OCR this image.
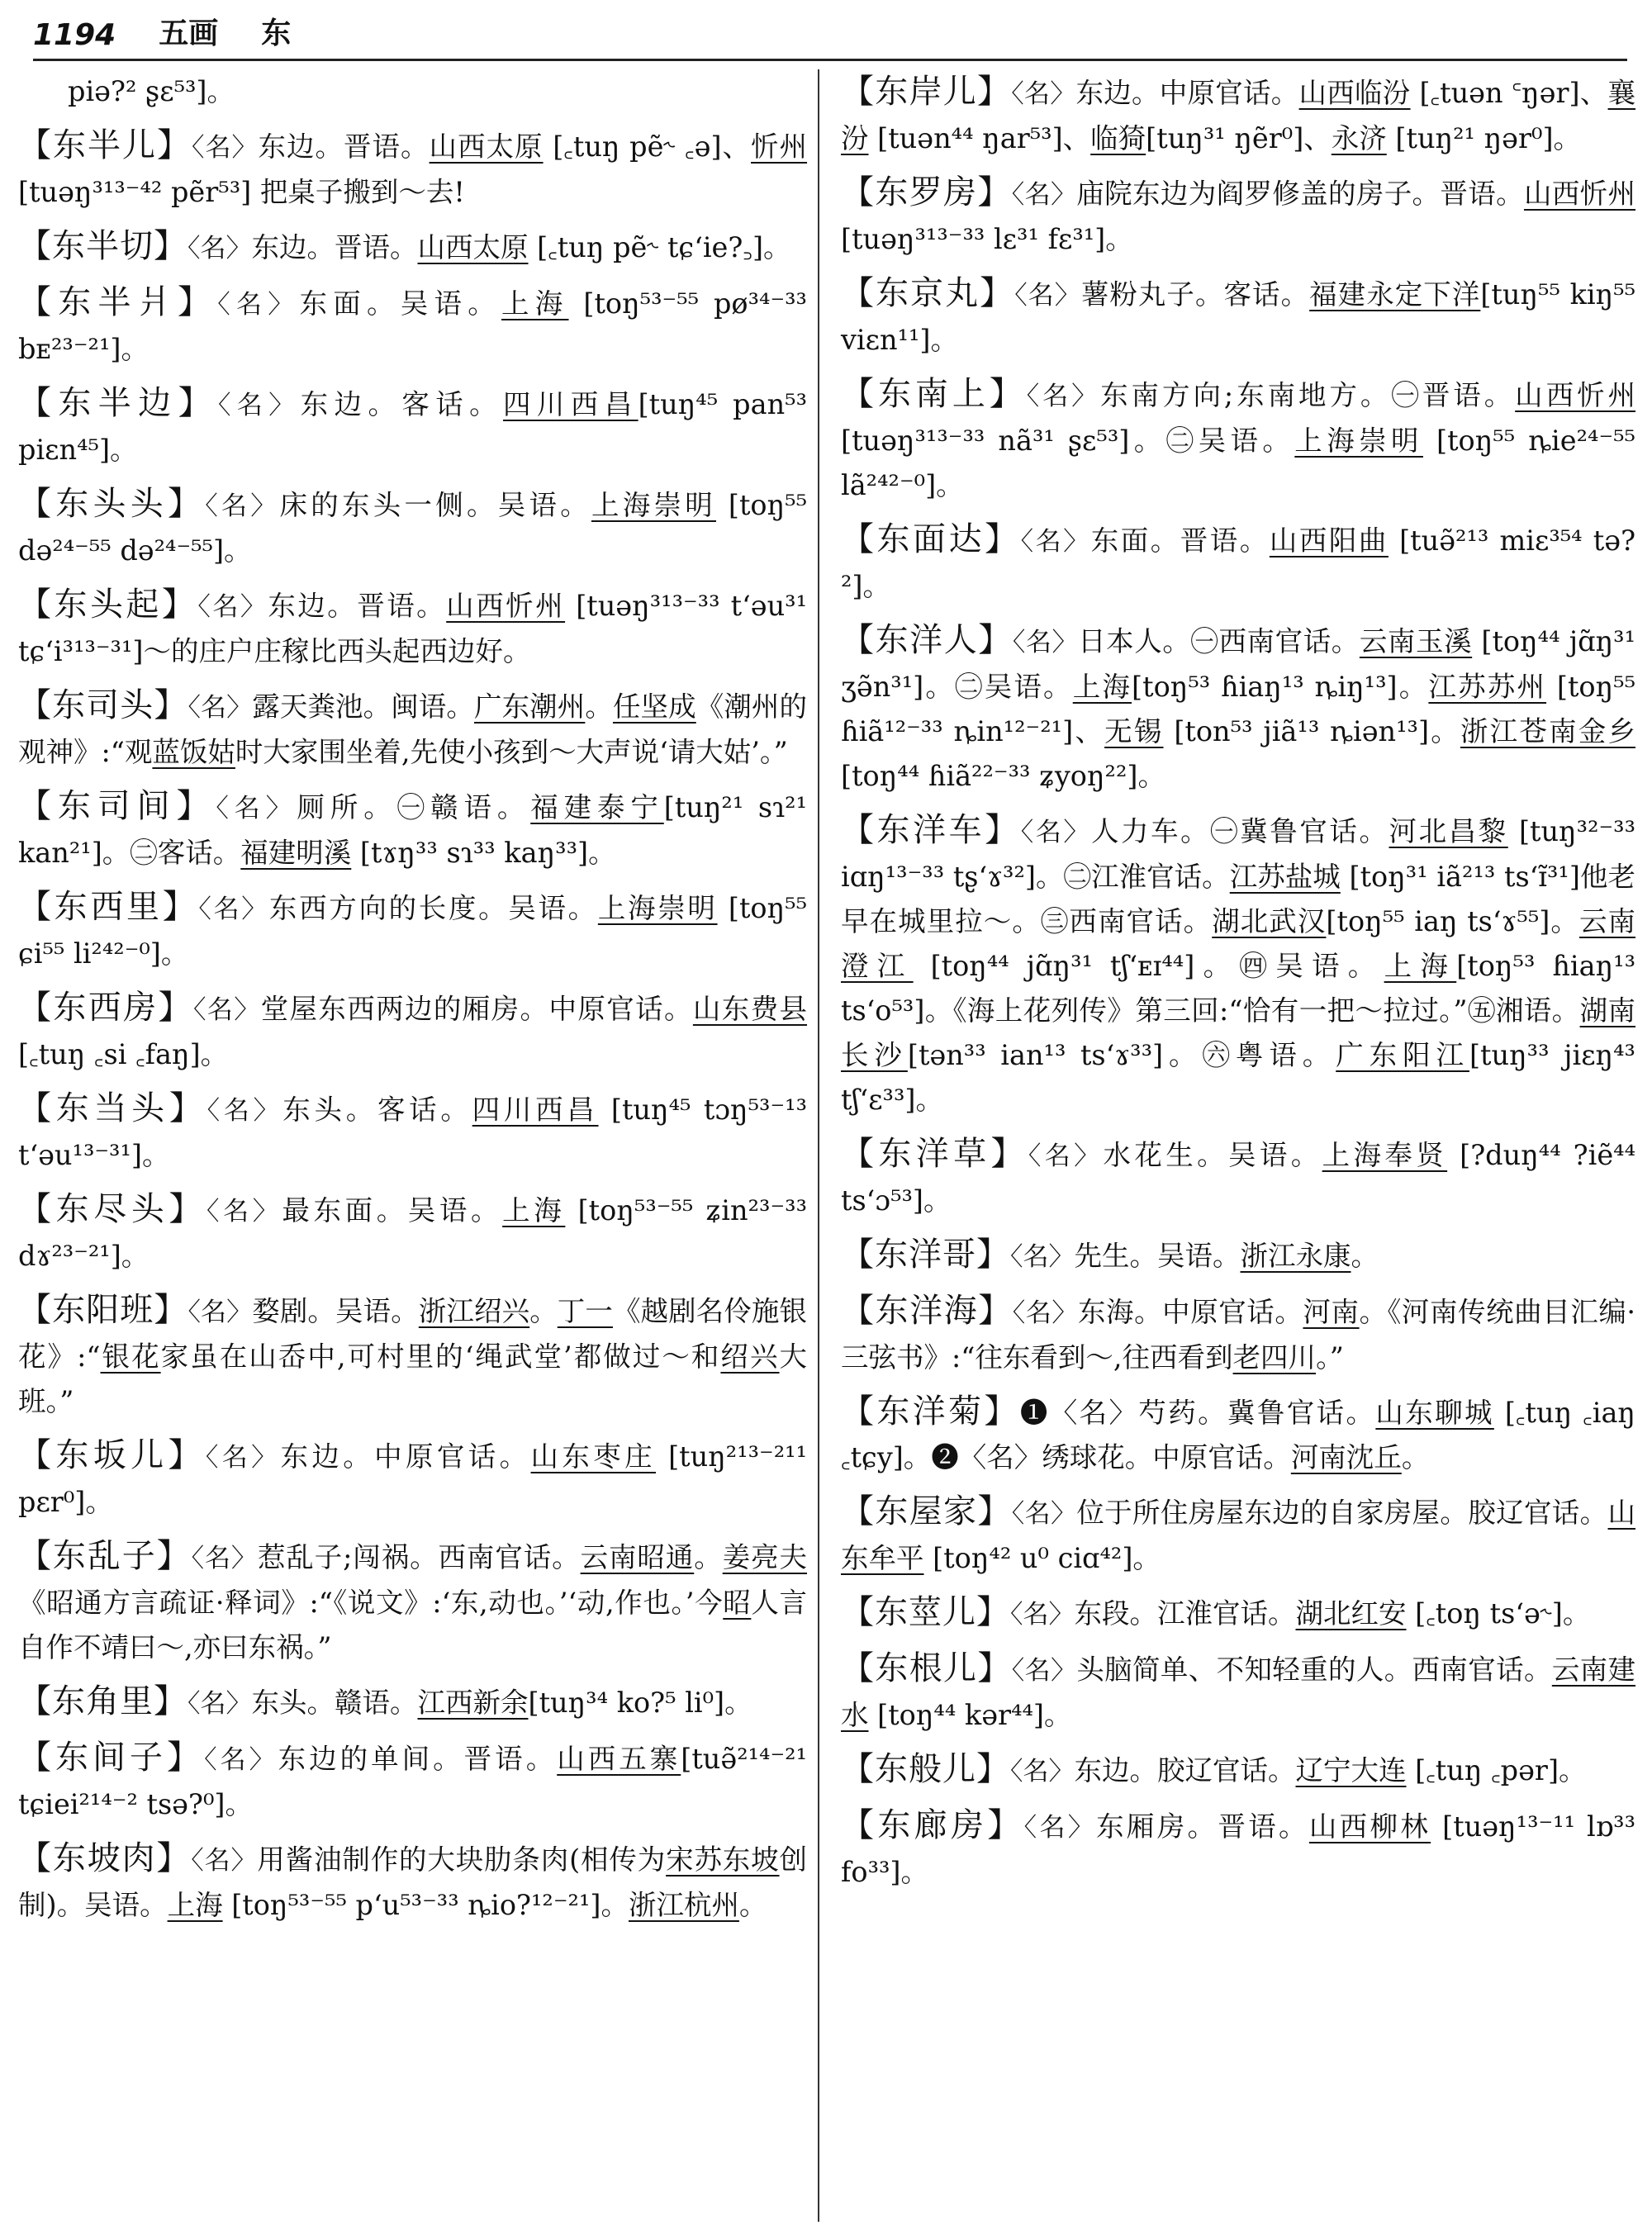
1194 五画 东

piə?² ʂɛ⁵³]。

【东半儿】〈名〉东边。晋语。山西太原 [꜀tuŋ pẽ˞ ꜀ə]、忻州 [tuəŋ³¹³⁻⁴² pẽr⁵³] 把桌子搬到～去!

【东半切】〈名〉东边。晋语。山西太原 [꜀tuŋ pẽ˞ tɕ‘ie?꜆]。

【东半爿】〈名〉东面。吴语。上海 [toŋ⁵³⁻⁵⁵ pø³⁴⁻³³ bᴇ²³⁻²¹]。

【东半边】〈名〉东边。客话。四川西昌[tuŋ⁴⁵ pan⁵³ piɛn⁴⁵]。

【东头头】〈名〉床的东头一侧。吴语。上海崇明 [toŋ⁵⁵ də²⁴⁻⁵⁵ də²⁴⁻⁵⁵]。

【东头起】〈名〉东边。晋语。山西忻州 [tuəŋ³¹³⁻³³ t‘əu³¹ tɕ‘i³¹³⁻³¹]～的庄户庄稼比西头起西边好。

【东司头】〈名〉露天粪池。闽语。广东潮州。任坚成《潮州的观神》:“观蓝饭姑时大家围坐着,先使小孩到～大声说‘请大姑’。”

【东司间】〈名〉厕所。㊀赣语。福建泰宁[tuŋ²¹ sɿ²¹ kan²¹]。㊁客话。福建明溪 [tɤŋ³³ sɿ³³ kaŋ³³]。

【东西里】〈名〉东西方向的长度。吴语。上海崇明 [toŋ⁵⁵ ɕi⁵⁵ li²⁴²⁻⁰]。

【东西房】〈名〉堂屋东西两边的厢房。中原官话。山东费县 [꜀tuŋ ꜀si ꜀faŋ]。

【东当头】〈名〉东头。客话。四川西昌 [tuŋ⁴⁵ tɔŋ⁵³⁻¹³ t‘əu¹³⁻³¹]。

【东尽头】〈名〉最东面。吴语。上海 [toŋ⁵³⁻⁵⁵ ʑin²³⁻³³ dɤ²³⁻²¹]。

【东阳班】〈名〉婺剧。吴语。浙江绍兴。丁一《越剧名伶施银花》:“银花家虽在山岙中,可村里的‘绳武堂’都做过～和绍兴大班。”

【东坂儿】〈名〉东边。中原官话。山东枣庄 [tuŋ²¹³⁻²¹¹ pɛr⁰]。

【东乱子】〈名〉惹乱子;闯祸。西南官话。云南昭通。姜亮夫《昭通方言疏证·释词》:“《说文》:‘东,动也。’‘动,作也。’今昭人言自作不靖曰～,亦曰东祸。”

【东角里】〈名〉东头。赣语。江西新余[tuŋ³⁴ ko?⁵ li⁰]。

【东间子】〈名〉东边的单间。晋语。山西五寨[tuə̃²¹⁴⁻²¹ tɕiei²¹⁴⁻² tsə?⁰]。

【东坡肉】〈名〉用酱油制作的大块肋条肉(相传为宋苏东坡创制)。吴语。上海 [toŋ⁵³⁻⁵⁵ p‘u⁵³⁻³³ ȵio?¹²⁻²¹]。浙江杭州。

【东岸儿】〈名〉东边。中原官话。山西临汾 [꜀tuən ꜂ŋər]、襄汾 [tuən⁴⁴ ŋar⁵³]、临猗[tuŋ³¹ ŋẽr⁰]、永济 [tuŋ²¹ ŋər⁰]。

【东罗房】〈名〉庙院东边为阎罗修盖的房子。晋语。山西忻州 [tuəŋ³¹³⁻³³ lɛ³¹ fɛ³¹]。

【东京丸】〈名〉薯粉丸子。客话。福建永定下洋[tuŋ⁵⁵ kiŋ⁵⁵ viɛn¹¹]。

【东南上】〈名〉东南方向;东南地方。㊀晋语。山西忻州[tuəŋ³¹³⁻³³ nã³¹ ʂɛ⁵³]。㊁吴语。上海崇明 [toŋ⁵⁵ ȵie²⁴⁻⁵⁵ lã²⁴²⁻⁰]。

【东面达】〈名〉东面。晋语。山西阳曲 [tuə̃²¹³ miɛ³⁵⁴ tə?²]。

【东洋人】〈名〉日本人。㊀西南官话。云南玉溪 [toŋ⁴⁴ jɑ̃ŋ³¹ ʒə̃n³¹]。㊁吴语。上海[toŋ⁵³ ɦiaŋ¹³ ȵiŋ¹³]。江苏苏州 [toŋ⁵⁵ ɦiã¹²⁻³³ ȵin¹²⁻²¹]、无锡 [ton⁵³ jiã¹³ ȵiən¹³]。浙江苍南金乡 [toŋ⁴⁴ ɦiã²²⁻³³ ʑyoŋ²²]。

【东洋车】〈名〉人力车。㊀冀鲁官话。河北昌黎 [tuŋ³²⁻³³ iɑŋ¹³⁻³³ tʂ‘ɤ³²]。㊁江淮官话。江苏盐城 [toŋ³¹ iã²¹³ ts‘ɪ̃³¹]他老早在城里拉～。㊂西南官话。湖北武汉[toŋ⁵⁵ iaŋ ts‘ɤ⁵⁵]。云南澄江 [toŋ⁴⁴ jɑ̃ŋ³¹ tʃ‘ᴇɪ⁴⁴]。㊃吴语。上海[toŋ⁵³ ɦiaŋ¹³ ts‘o⁵³]。《海上花列传》第三回:“恰有一把～拉过。”㊄湘语。湖南长沙[tən³³ ian¹³ ts‘ɤ³³]。㊅粤语。广东阳江[tuŋ³³ jiɛŋ⁴³ tʃ‘ɛ³³]。

【东洋草】〈名〉水花生。吴语。上海奉贤 [?duŋ⁴⁴ ?iẽ⁴⁴ ts‘ɔ⁵³]。

【东洋哥】〈名〉先生。吴语。浙江永康。

【东洋海】〈名〉东海。中原官话。河南。《河南传统曲目汇编·三弦书》:“往东看到～,往西看到老四川。”

【东洋菊】❶〈名〉芍药。冀鲁官话。山东聊城 [꜀tuŋ ꜀iaŋ ꜀tɕy]。❷〈名〉绣球花。中原官话。河南沈丘。

【东屋家】〈名〉位于所住房屋东边的自家房屋。胶辽官话。山东牟平 [toŋ⁴² u⁰ ciɑ⁴²]。

【东莖儿】〈名〉东段。江淮官话。湖北红安 [꜀toŋ ts‘ə˞]。

【东根儿】〈名〉头脑简单、不知轻重的人。西南官话。云南建水 [toŋ⁴⁴ kər⁴⁴]。

【东般儿】〈名〉东边。胶辽官话。辽宁大连 [꜀tuŋ ꜀pər]。

【东廊房】〈名〉东厢房。晋语。山西柳林 [tuəŋ¹³⁻¹¹ lɒ³³ fo³³]。
